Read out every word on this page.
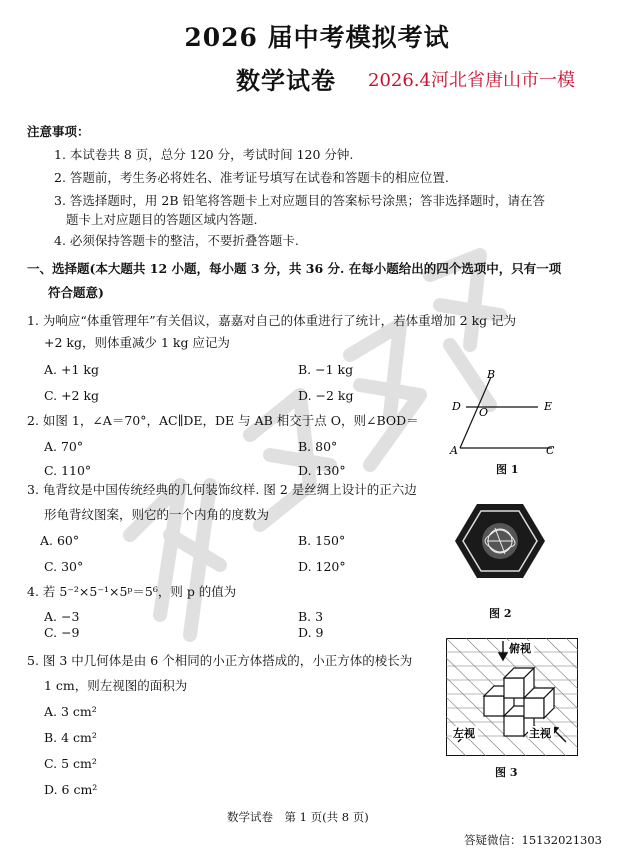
2026 届中考模拟考试
数学试卷 2026.4河北省唐山市一模
注意事项：
1. 本试卷共 8 页，总分 120 分，考试时间 120 分钟.
2. 答题前，考生务必将姓名、准考证号填写在试卷和答题卡的相应位置.
3. 答选择题时，用 2B 铅笔将答题卡上对应题目的答案标号涂黑；答非选择题时，请在答
题卡上对应题目的答题区域内答题.
4. 必须保持答题卡的整洁，不要折叠答题卡.
一、选择题(本大题共 12 小题，每小题 3 分，共 36 分. 在每小题给出的四个选项中，只有一项
符合题意)
1. 为响应“体重管理年”有关倡议，嘉嘉对自己的体重进行了统计，若体重增加 2 kg 记为
+2 kg，则体重减少 1 kg 应记为
A. +1 kg	B. −1 kg
C. +2 kg	D. −2 kg
2. 如图 1，∠A＝70°，AC∥DE，DE 与 AB 相交于点 O，则∠BOD＝
A. 70°	B. 80°
C. 110°	D. 130°
3. 龟背纹是中国传统经典的几何装饰纹样. 图 2 是丝绸上设计的正六边
形龟背纹图案，则它的一个内角的度数为
A. 60°	B. 150°
C. 30°	D. 120°
4. 若 5⁻²×5⁻¹×5ᵖ＝5⁶，则 p 的值为
A. −3	B. 3
C. −9	D. 9
5. 图 3 中几何体是由 6 个相同的小正方体搭成的，小正方体的棱长为
1 cm，则左视图的面积为
A. 3 cm²
B. 4 cm²
C. 5 cm²
D. 6 cm²
B
D O	E
A	C
图 1
图 2
俯视
左视	主视
图 3
数学试卷　第 1 页(共 8 页)
答疑微信：15132021303
